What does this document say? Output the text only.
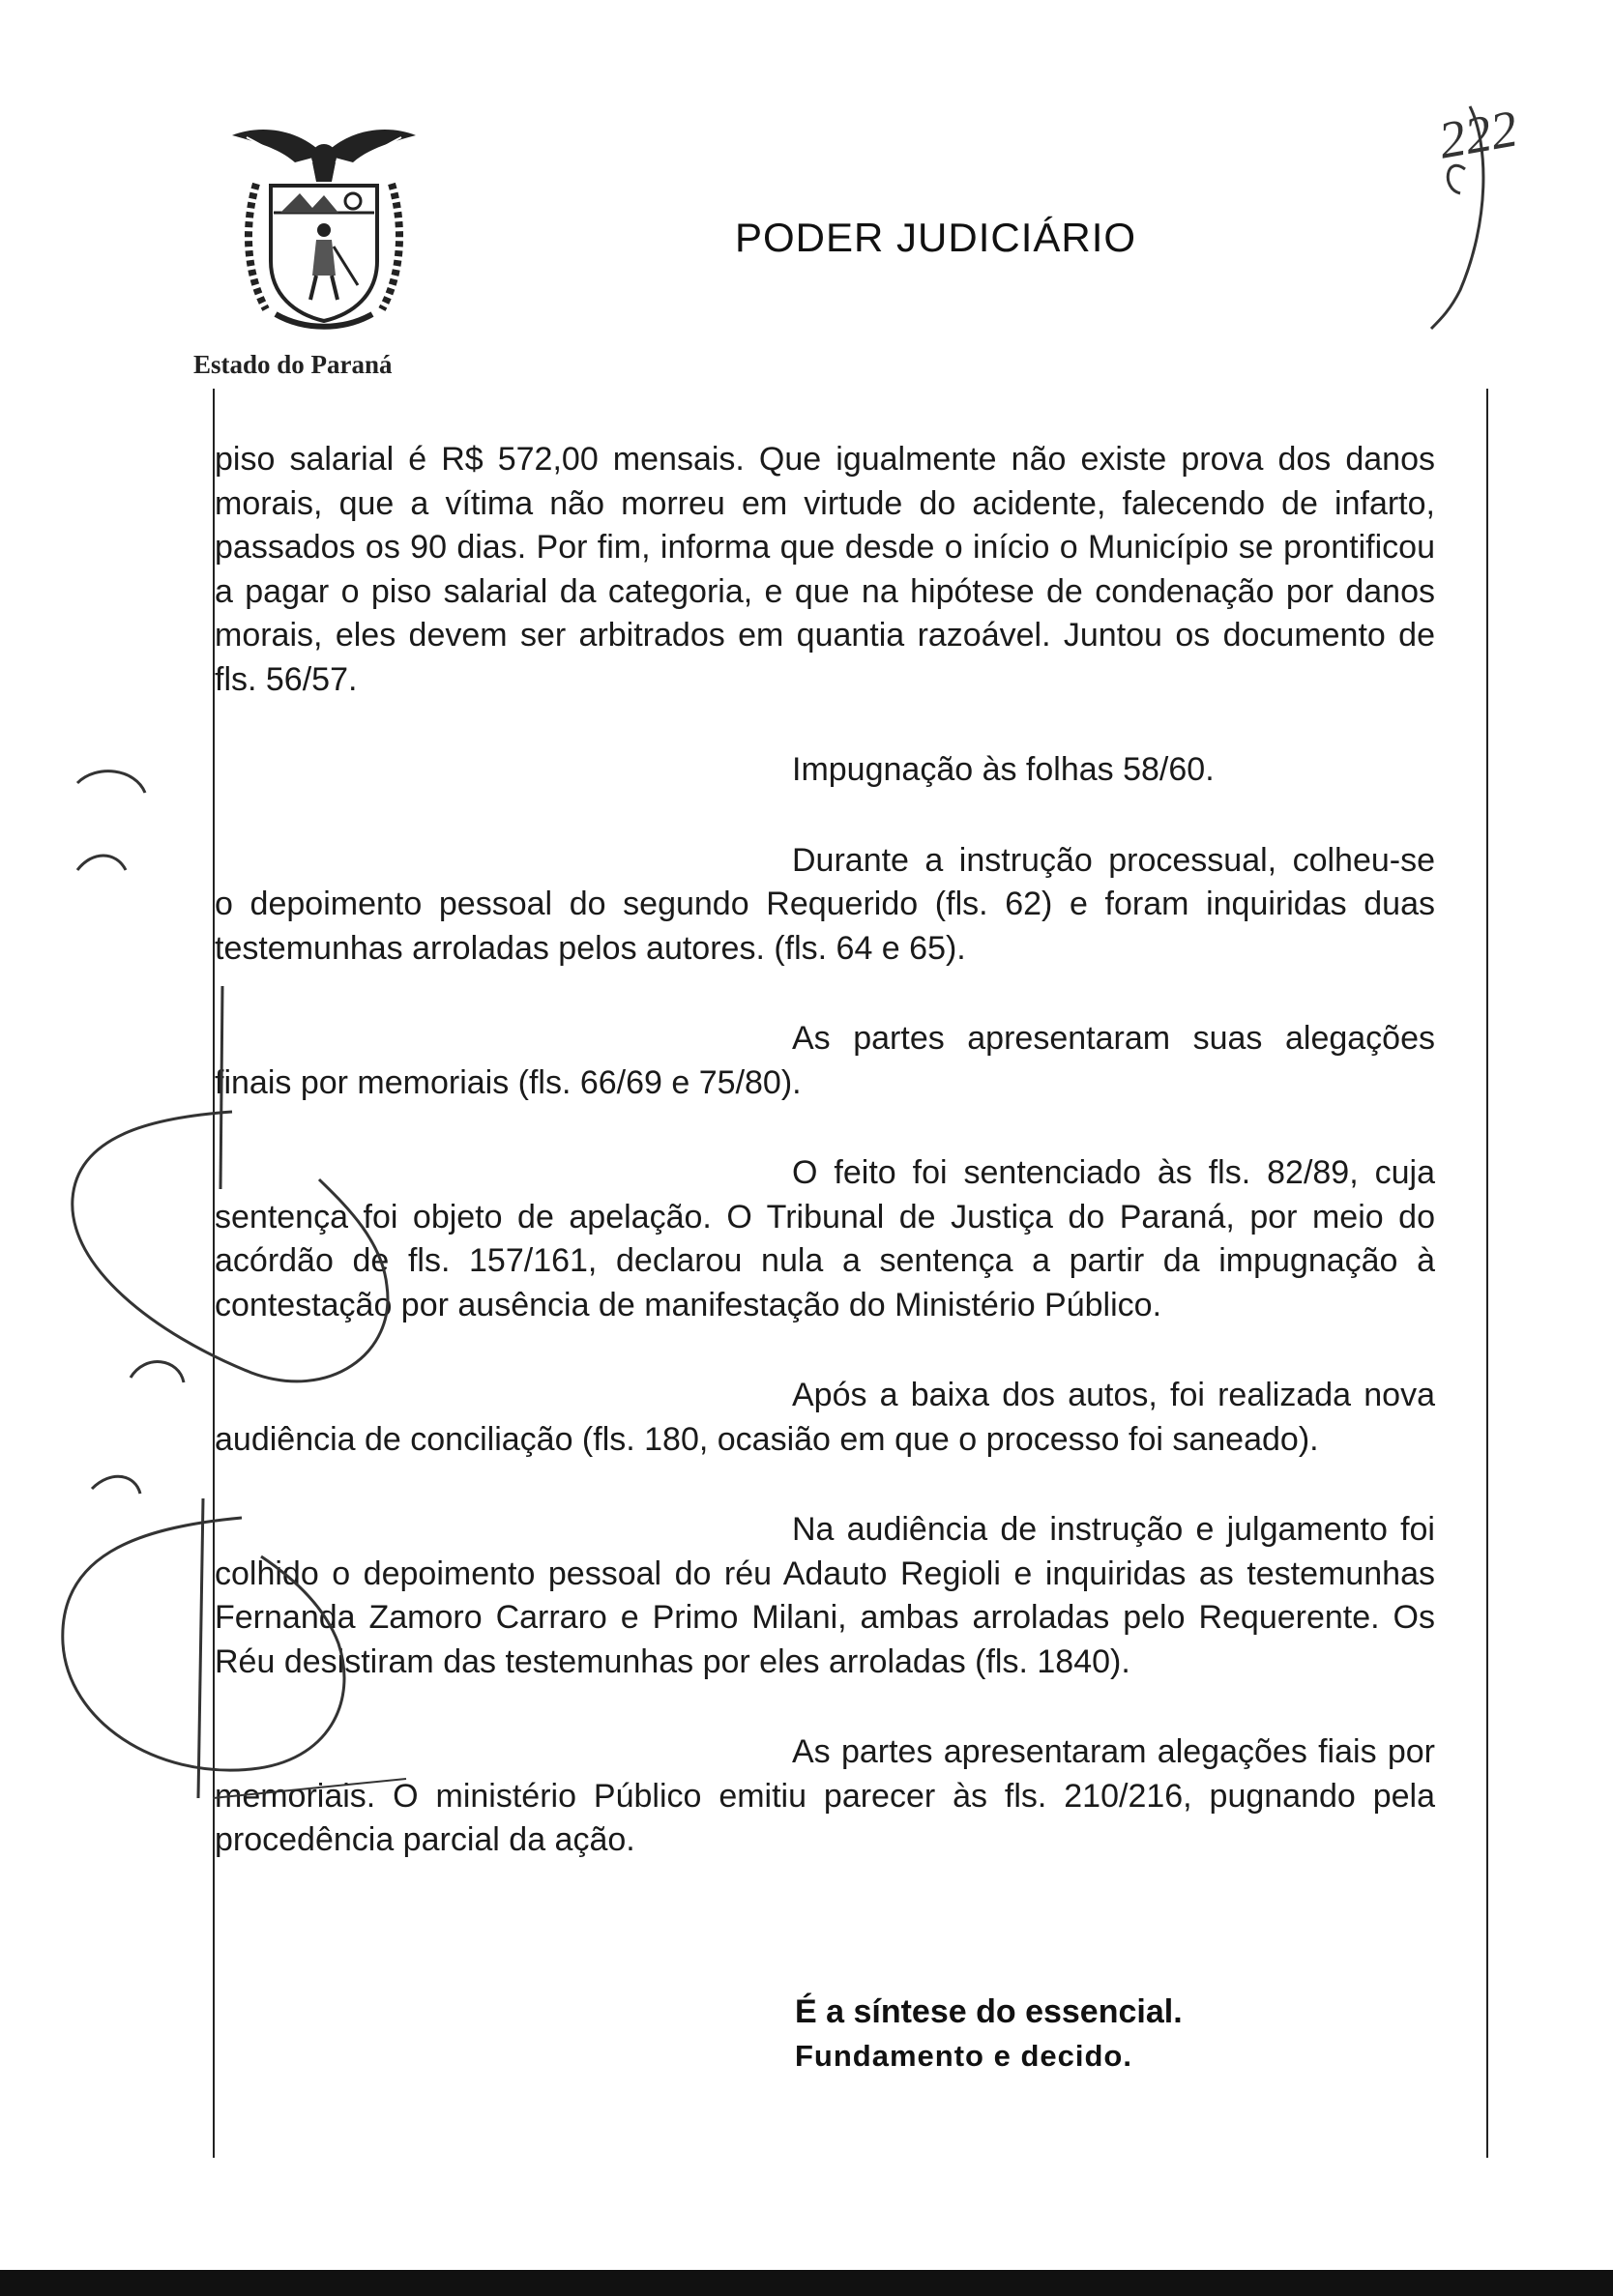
Estado do Paraná
PODER JUDICIÁRIO
222

piso salarial é R$ 572,00 mensais. Que igualmente não existe prova dos danos morais, que a vítima não morreu em virtude do acidente, falecendo de infarto, passados os 90 dias. Por fim, informa que desde o início o Município se prontificou a pagar o piso salarial da categoria, e que na hipótese de condenação por danos morais, eles devem ser arbitrados em quantia razoável. Juntou os documento de fls. 56/57.

Impugnação às folhas 58/60.

Durante a instrução processual, colheu-se o depoimento pessoal do segundo Requerido (fls. 62) e foram inquiridas duas testemunhas arroladas pelos autores. (fls. 64 e 65).

As partes apresentaram suas alegações finais por memoriais (fls. 66/69 e 75/80).

O feito foi sentenciado às fls. 82/89, cuja sentença foi objeto de apelação. O Tribunal de Justiça do Paraná, por meio do acórdão de fls. 157/161, declarou nula a sentença a partir da impugnação à contestação por ausência de manifestação do Ministério Público.

Após a baixa dos autos, foi realizada nova audiência de conciliação (fls. 180, ocasião em que o processo foi saneado).

Na audiência de instrução e julgamento foi colhido o depoimento pessoal do réu Adauto Regioli e inquiridas as testemunhas Fernanda Zamoro Carraro e Primo Milani, ambas arroladas pelo Requerente. Os Réu desistiram das testemunhas por eles arroladas (fls. 1840).

As partes apresentaram alegações fiais por memoriais. O ministério Público emitiu parecer às fls. 210/216, pugnando pela procedência parcial da ação.

É a síntese do essencial.
Fundamento e decido.
